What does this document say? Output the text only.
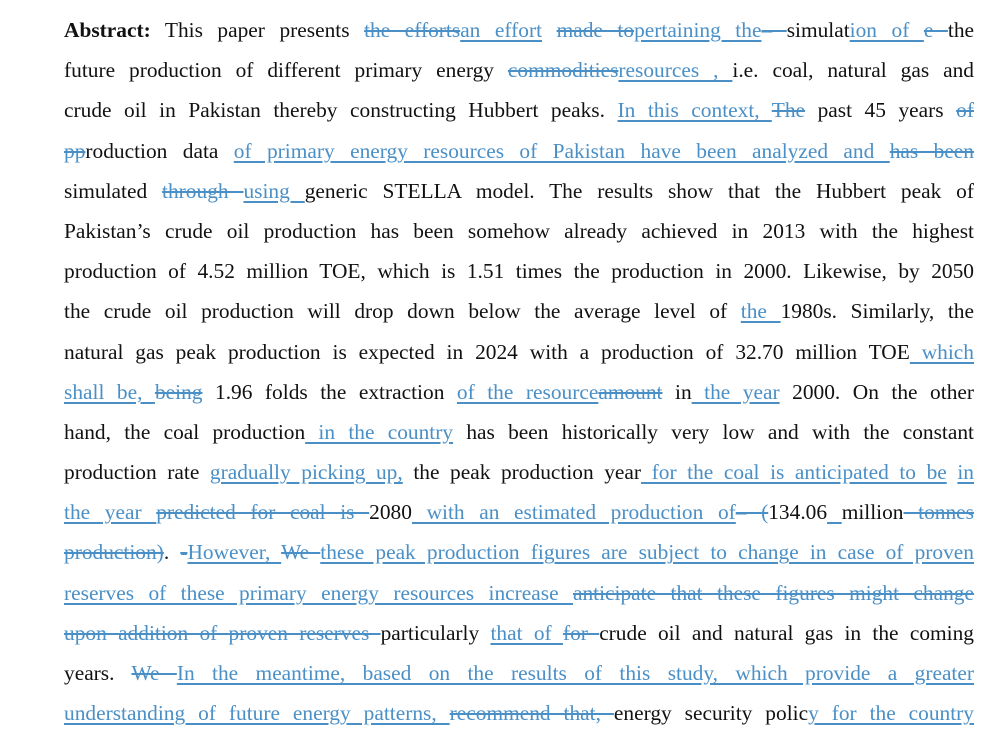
Abstract: This paper presents the effortsan effort made topertaining the– simulation of e the
future production of different primary energy commoditiesresources , i.e. coal, natural gas and
crude oil in Pakistan thereby constructing Hubbert peaks. In this context, The past 45 years of
pproduction data of primary energy resources of Pakistan have been analyzed and has been
simulated through using generic STELLA model. The results show that the Hubbert peak of
Pakistan’s crude oil production has been somehow already achieved in 2013 with the highest
production of 4.52 million TOE, which is 1.51 times the production in 2000. Likewise, by 2050
the crude oil production will drop down below the average level of the 1980s. Similarly, the
natural gas peak production is expected in 2024 with a production of 32.70 million TOE which
shall be, being 1.96 folds the extraction of the resourceamount in the year 2000. On the other
hand, the coal production in the country has been historically very low and with the constant
production rate gradually picking up, the peak production year for the coal is anticipated to be in
the year predicted for coal is 2080 with an estimated production of– (134.06 million tonnes
production). -However, We these peak production figures are subject to change in case of proven
reserves of these primary energy resources increase anticipate that these figures might change
upon addition of proven reserves particularly that of for crude oil and natural gas in the coming
years. We In the meantime, based on the results of this study, which provide a greater
understanding of future energy patterns, recommend that, energy security policy for the country
